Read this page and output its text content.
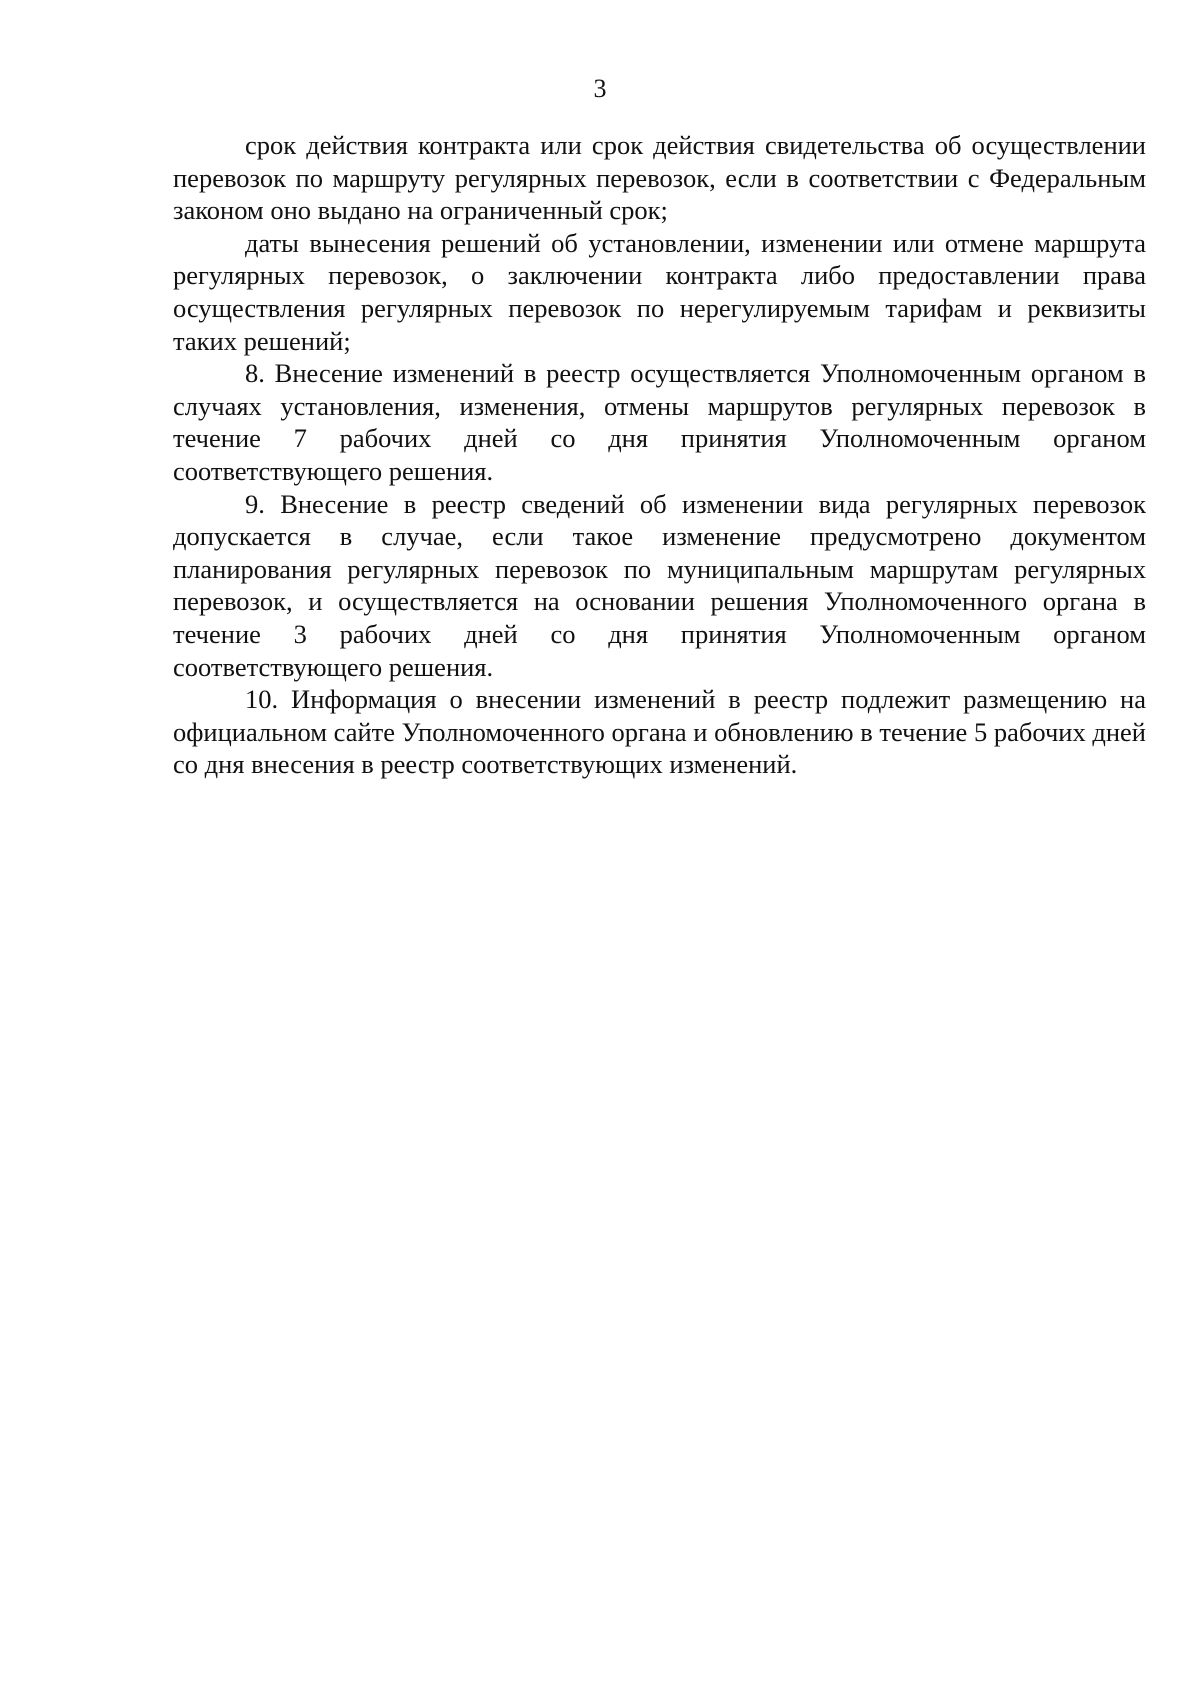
3

срок действия контракта или срок действия свидетельства об осуществлении перевозок по маршруту регулярных перевозок, если в соответствии с Федеральным законом оно выдано на ограниченный срок;

даты вынесения решений об установлении, изменении или отмене маршрута регулярных перевозок, о заключении контракта либо предоставлении права осуществления регулярных перевозок по нерегулируемым тарифам и реквизиты таких решений;

8. Внесение изменений в реестр осуществляется Уполномоченным органом в случаях установления, изменения, отмены маршрутов регулярных перевозок в течение 7 рабочих дней со дня принятия Уполномоченным органом соответствующего решения.

9. Внесение в реестр сведений об изменении вида регулярных перевозок допускается в случае, если такое изменение предусмотрено документом планирования регулярных перевозок по муниципальным маршрутам регулярных перевозок, и осуществляется на основании решения Уполномоченного органа в течение 3 рабочих дней со дня принятия Уполномоченным органом соответствующего решения.

10. Информация о внесении изменений в реестр подлежит размещению на официальном сайте Уполномоченного органа и обновлению в течение 5 рабочих дней со дня внесения в реестр соответствующих изменений.
